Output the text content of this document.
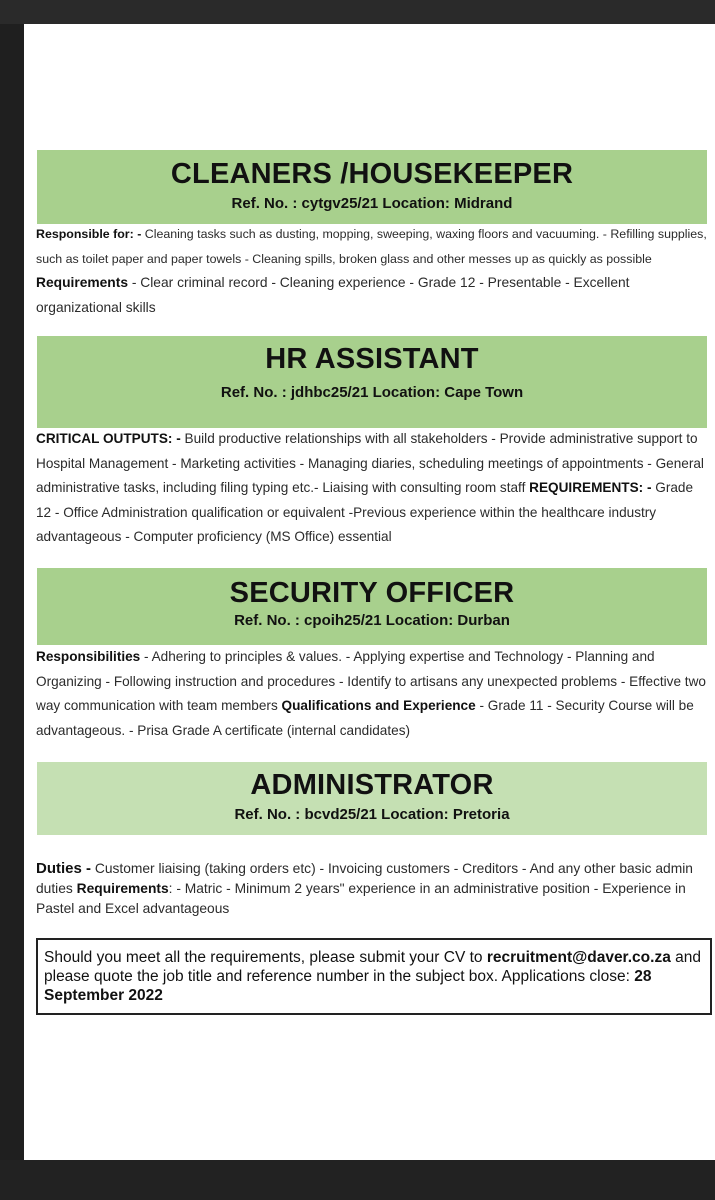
CLEANERS /HOUSEKEEPER
Ref. No. : cytgv25/21 Location: Midrand
Responsible for: - Cleaning tasks such as dusting, mopping, sweeping, waxing floors and vacuuming. - Refilling supplies, such as toilet paper and paper towels - Cleaning spills, broken glass and other messes up as quickly as possible Requirements - Clear criminal record - Cleaning experience - Grade 12 - Presentable - Excellent organizational skills
HR ASSISTANT
Ref. No. : jdhbc25/21 Location: Cape Town
CRITICAL OUTPUTS: - Build productive relationships with all stakeholders - Provide administrative support to Hospital Management - Marketing activities - Managing diaries, scheduling meetings of appointments - General administrative tasks, including filing typing etc.- Liaising with consulting room staff REQUIREMENTS: - Grade 12 - Office Administration qualification or equivalent -Previous experience within the healthcare industry advantageous - Computer proficiency (MS Office) essential
SECURITY OFFICER
Ref. No. : cpoih25/21 Location: Durban
Responsibilities - Adhering to principles & values. - Applying expertise and Technology - Planning and Organizing - Following instruction and procedures - Identify to artisans any unexpected problems - Effective two way communication with team members Qualifications and Experience - Grade 11 - Security Course will be advantageous. - Prisa Grade A certificate (internal candidates)
ADMINISTRATOR
Ref. No. : bcvd25/21 Location: Pretoria
Duties - Customer liaising (taking orders etc) - Invoicing customers - Creditors - And any other basic admin duties Requirements: - Matric - Minimum 2 years" experience in an administrative position - Experience in Pastel and Excel advantageous
Should you meet all the requirements, please submit your CV to recruitment@daver.co.za and please quote the job title and reference number in the subject box. Applications close: 28 September 2022
